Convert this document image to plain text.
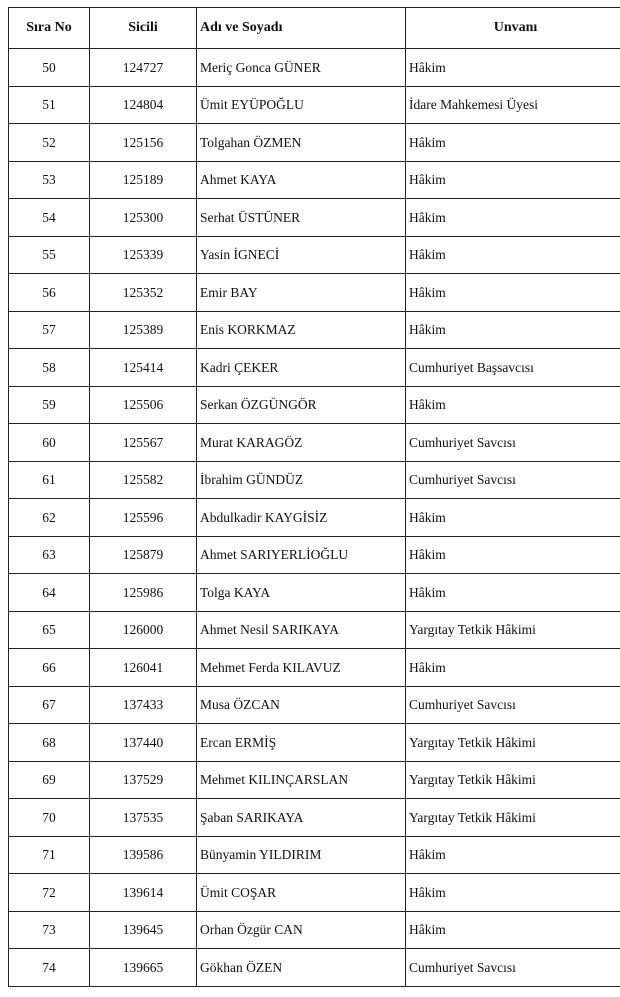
Sıra No	Sicili	Adı ve Soyadı	Unvanı
50	124727	Meriç Gonca GÜNER	Hâkim
51	124804	Ümit EYÜPOĞLU	İdare Mahkemesi Üyesi
52	125156	Tolgahan ÖZMEN	Hâkim
53	125189	Ahmet KAYA	Hâkim
54	125300	Serhat ÜSTÜNER	Hâkim
55	125339	Yasin İGNECİ	Hâkim
56	125352	Emir BAY	Hâkim
57	125389	Enis KORKMAZ	Hâkim
58	125414	Kadri ÇEKER	Cumhuriyet Başsavcısı
59	125506	Serkan ÖZGÜNGÖR	Hâkim
60	125567	Murat KARAGÖZ	Cumhuriyet Savcısı
61	125582	İbrahim GÜNDÜZ	Cumhuriyet Savcısı
62	125596	Abdulkadir KAYGİSİZ	Hâkim
63	125879	Ahmet SARIYERLİOĞLU	Hâkim
64	125986	Tolga KAYA	Hâkim
65	126000	Ahmet Nesil SARIKAYA	Yargıtay Tetkik Hâkimi
66	126041	Mehmet Ferda KILAVUZ	Hâkim
67	137433	Musa ÖZCAN	Cumhuriyet Savcısı
68	137440	Ercan ERMİŞ	Yargıtay Tetkik Hâkimi
69	137529	Mehmet KILINÇARSLAN	Yargıtay Tetkik Hâkimi
70	137535	Şaban SARIKAYA	Yargıtay Tetkik Hâkimi
71	139586	Bünyamin YILDIRIM	Hâkim
72	139614	Ümit COŞAR	Hâkim
73	139645	Orhan Özgür CAN	Hâkim
74	139665	Gökhan ÖZEN	Cumhuriyet Savcısı
